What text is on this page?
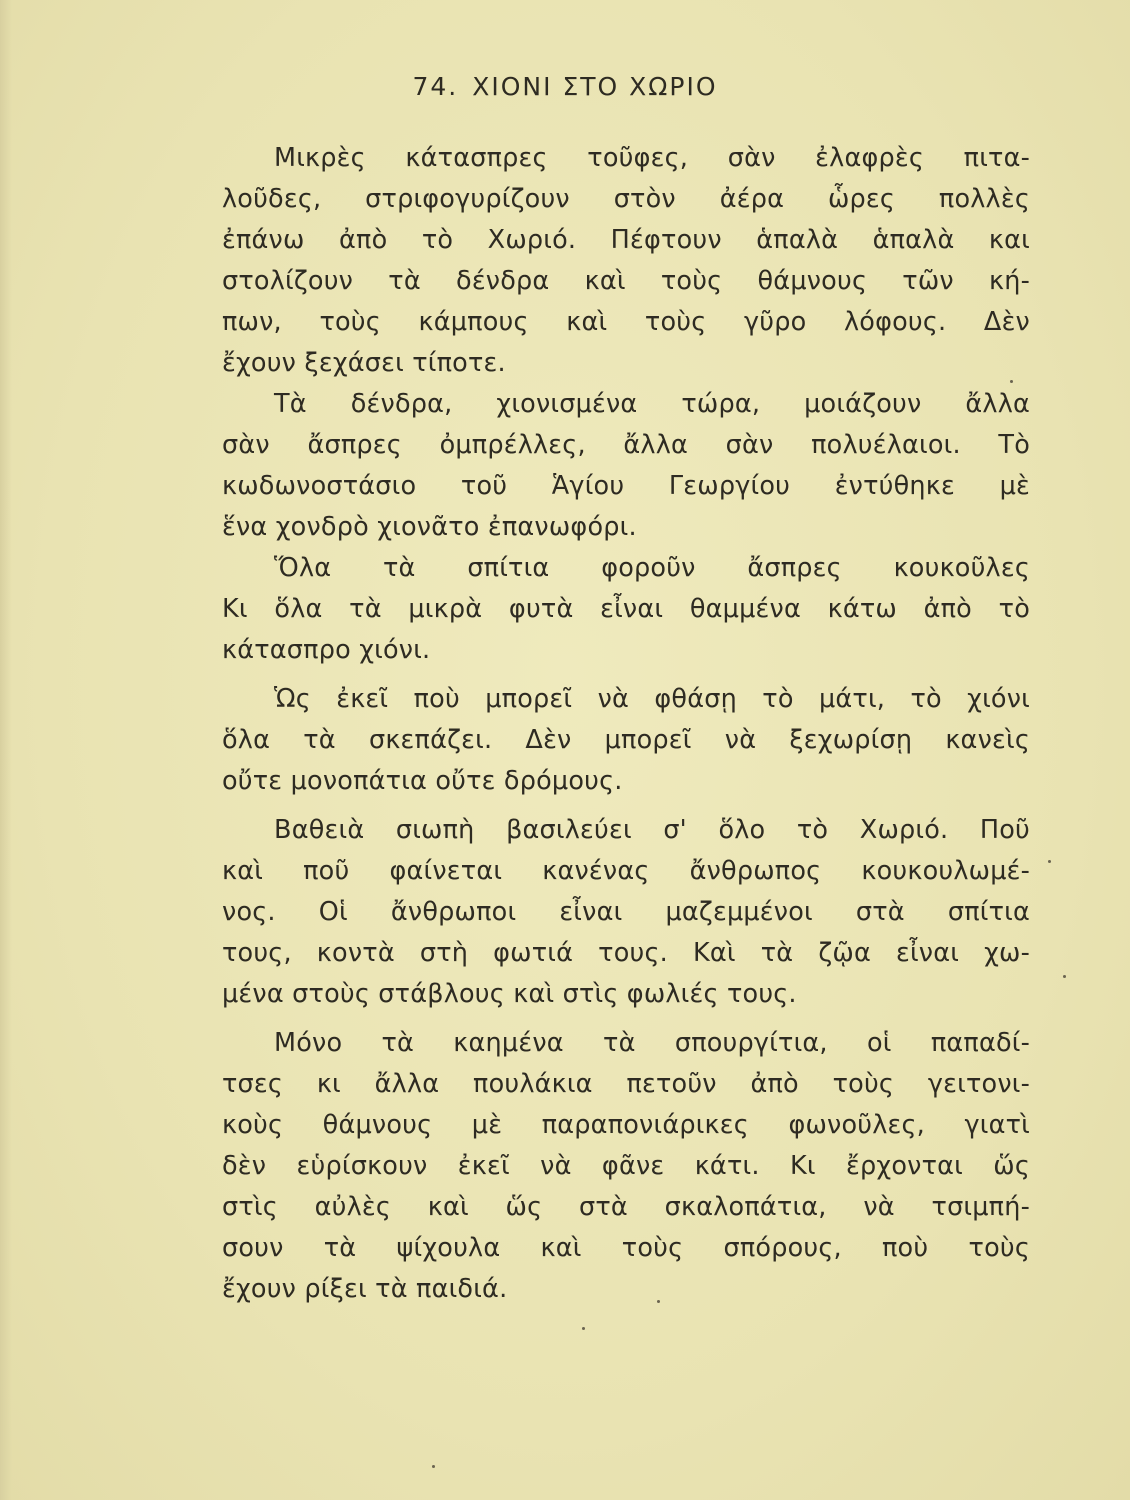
74. ΧΙΟΝΙ ΣΤΟ ΧΩΡΙΟ
Μικρὲς κάτασπρες τοῦφες, σὰν ἐλαφρὲς πιτα-
λοῦδες, στριφογυρίζουν στὸν ἀέρα ὧρες πολλὲς
ἐπάνω ἀπὸ τὸ Χωριό. Πέφτουν ἁπαλὰ ἁπαλὰ και
στολίζουν τὰ δένδρα καὶ τοὺς θάμνους τῶν κή-
πων, τοὺς κάμπους καὶ τοὺς γῦρο λόφους. Δὲν
ἔχουν ξεχάσει τίποτε.
Τὰ δένδρα, χιονισμένα τώρα, μοιάζουν ἄλλα
σὰν ἄσπρες ὀμπρέλλες, ἄλλα σὰν πολυέλαιοι. Τὸ
κωδωνοστάσιο τοῦ Ἁγίου Γεωργίου ἐντύθηκε μὲ
ἕνα χονδρὸ χιονᾶτο ἐπανωφόρι.
Ὅλα τὰ σπίτια φοροῦν ἄσπρες κουκοῦλες
Κι ὅλα τὰ μικρὰ φυτὰ εἶναι θαμμένα κάτω ἀπὸ τὸ
κάτασπρο χιόνι.
Ὡς ἐκεῖ ποὺ μπορεῖ νὰ φθάσῃ τὸ μάτι, τὸ χιόνι
ὅλα τὰ σκεπάζει. Δὲν μπορεῖ νὰ ξεχωρίσῃ κανεὶς
οὔτε μονοπάτια οὔτε δρόμους.
Βαθειὰ σιωπὴ βασιλεύει σ' ὅλο τὸ Χωριό. Ποῦ
καὶ ποῦ φαίνεται κανένας ἄνθρωπος κουκουλωμέ-
νος. Οἱ ἄνθρωποι εἶναι μαζεμμένοι στὰ σπίτια
τους, κοντὰ στὴ φωτιά τους. Καὶ τὰ ζῷα εἶναι χω-
μένα στοὺς στάβλους καὶ στὶς φωλιές τους.
Μόνο τὰ καημένα τὰ σπουργίτια, οἱ παπαδί-
τσες κι ἄλλα πουλάκια πετοῦν ἀπὸ τοὺς γειτονι-
κοὺς θάμνους μὲ παραπονιάρικες φωνοῦλες, γιατὶ
δὲν εὑρίσκουν ἐκεῖ νὰ φᾶνε κάτι. Κι ἔρχονται ὥς
στὶς αὐλὲς καὶ ὥς στὰ σκαλοπάτια, νὰ τσιμπή-
σουν τὰ ψίχουλα καὶ τοὺς σπόρους, ποὺ τοὺς
ἔχουν ρίξει τὰ παιδιά.
